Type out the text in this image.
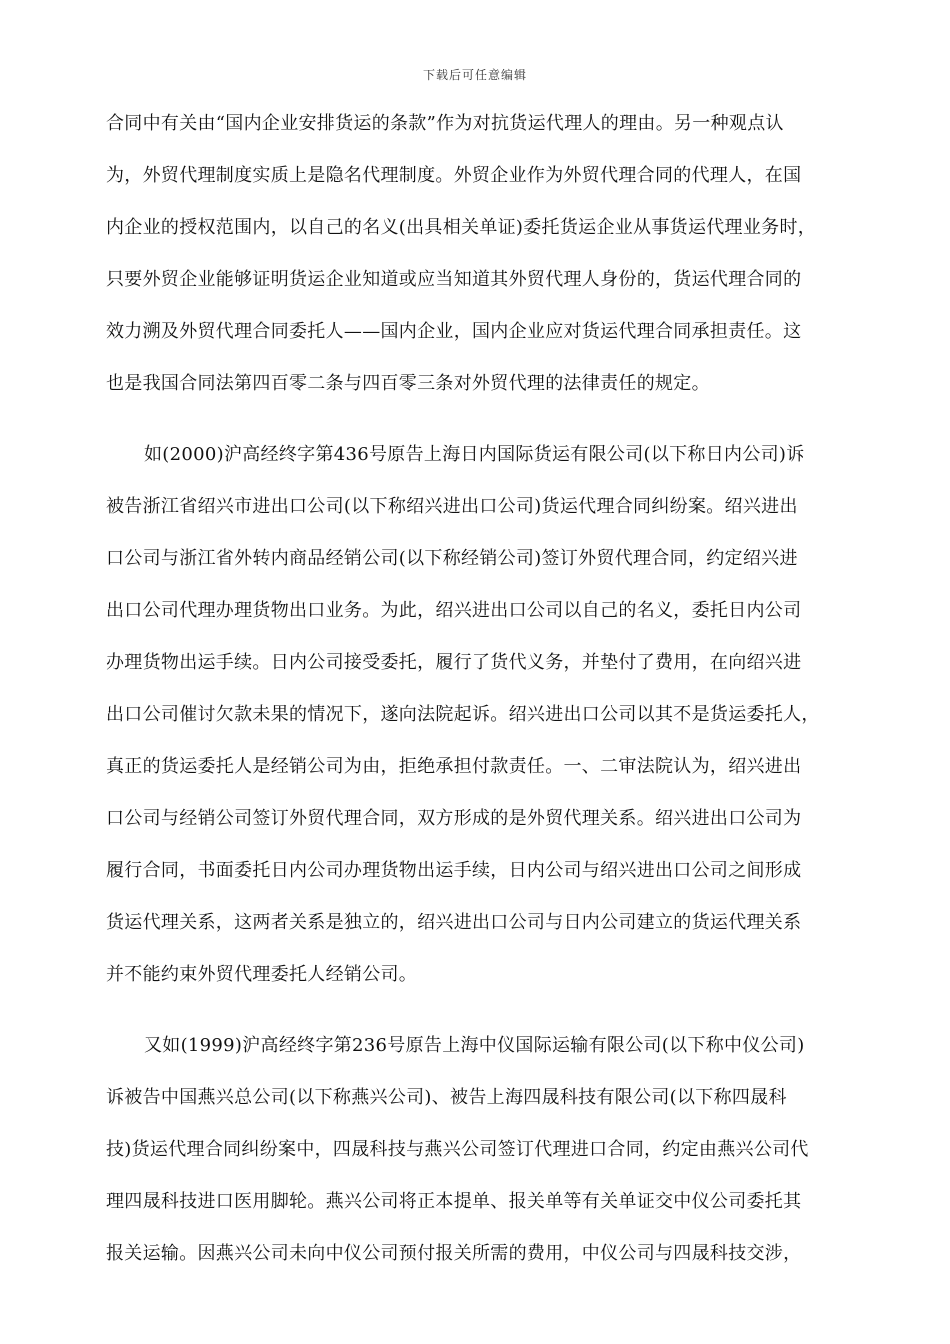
下载后可任意编辑
合同中有关由“国内企业安排货运的条款”作为对抗货运代理人的理由。另一种观点认
为，外贸代理制度实质上是隐名代理制度。外贸企业作为外贸代理合同的代理人，在国
内企业的授权范围内，以自己的名义(出具相关单证)委托货运企业从事货运代理业务时，
只要外贸企业能够证明货运企业知道或应当知道其外贸代理人身份的，货运代理合同的
效力溯及外贸代理合同委托人——国内企业，国内企业应对货运代理合同承担责任。这
也是我国合同法第四百零二条与四百零三条对外贸代理的法律责任的规定。
如(2000)沪高经终字第436号原告上海日内国际货运有限公司(以下称日内公司)诉
被告浙江省绍兴市进出口公司(以下称绍兴进出口公司)货运代理合同纠纷案。绍兴进出
口公司与浙江省外转内商品经销公司(以下称经销公司)签订外贸代理合同，约定绍兴进
出口公司代理办理货物出口业务。为此，绍兴进出口公司以自己的名义，委托日内公司
办理货物出运手续。日内公司接受委托，履行了货代义务，并垫付了费用，在向绍兴进
出口公司催讨欠款未果的情况下，遂向法院起诉。绍兴进出口公司以其不是货运委托人，
真正的货运委托人是经销公司为由，拒绝承担付款责任。一、二审法院认为，绍兴进出
口公司与经销公司签订外贸代理合同，双方形成的是外贸代理关系。绍兴进出口公司为
履行合同，书面委托日内公司办理货物出运手续，日内公司与绍兴进出口公司之间形成
货运代理关系，这两者关系是独立的，绍兴进出口公司与日内公司建立的货运代理关系
并不能约束外贸代理委托人经销公司。
又如(1999)沪高经终字第236号原告上海中仪国际运输有限公司(以下称中仪公司)
诉被告中国燕兴总公司(以下称燕兴公司)、被告上海四晟科技有限公司(以下称四晟科
技)货运代理合同纠纷案中，四晟科技与燕兴公司签订代理进口合同，约定由燕兴公司代
理四晟科技进口医用脚轮。燕兴公司将正本提单、报关单等有关单证交中仪公司委托其
报关运输。因燕兴公司未向中仪公司预付报关所需的费用，中仪公司与四晟科技交涉，
